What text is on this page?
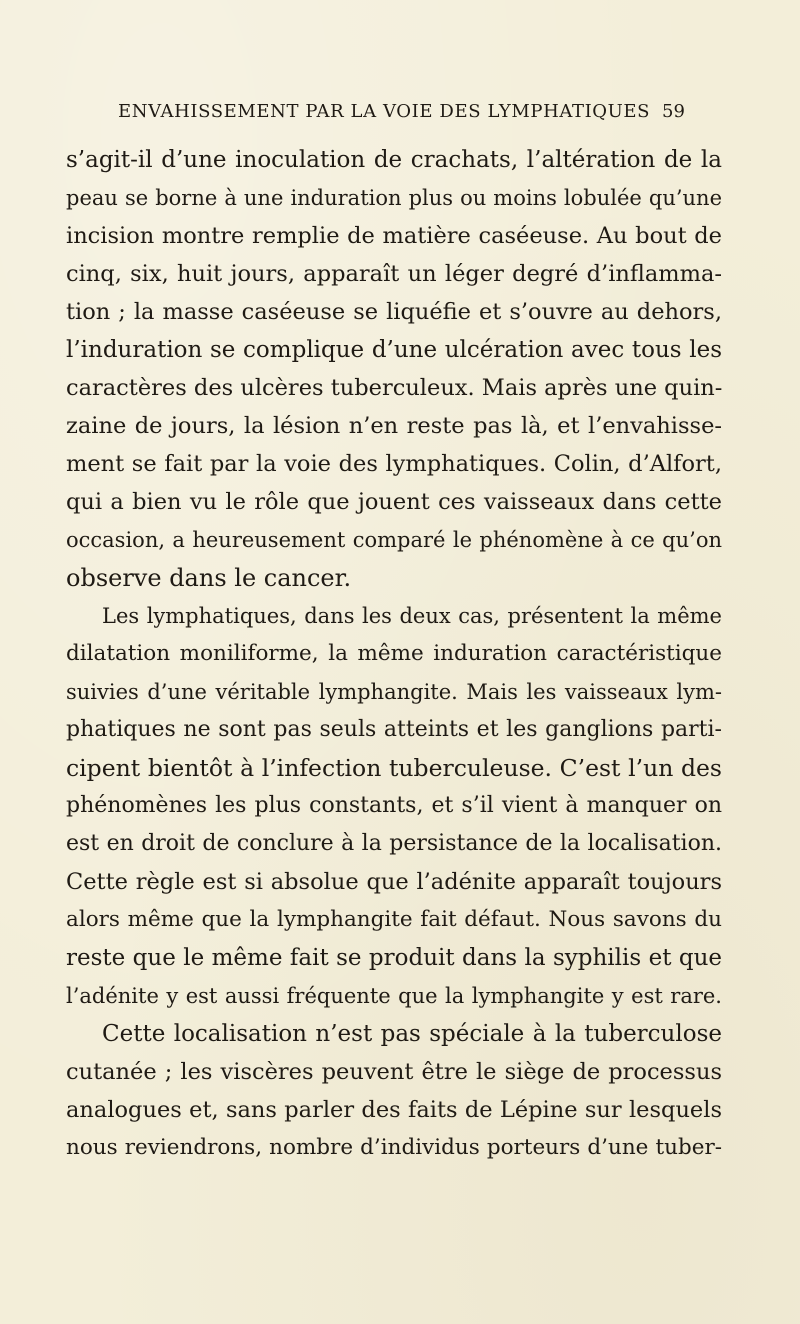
ENVAHISSEMENT PAR LA VOIE DES LYMPHATIQUES 59
s’agit-il d’une inoculation de crachats, l’altération de la
peau se borne à une induration plus ou moins lobulée qu’une
incision montre remplie de matière caséeuse. Au bout de
cinq, six, huit jours, apparaît un léger degré d’inflamma-
tion ; la masse caséeuse se liquéfie et s’ouvre au dehors,
l’induration se complique d’une ulcération avec tous les
caractères des ulcères tuberculeux. Mais après une quin-
zaine de jours, la lésion n’en reste pas là, et l’envahisse-
ment se fait par la voie des lymphatiques. Colin, d’Alfort,
qui a bien vu le rôle que jouent ces vaisseaux dans cette
occasion, a heureusement comparé le phénomène à ce qu’on
observe dans le cancer.
Les lymphatiques, dans les deux cas, présentent la même
dilatation moniliforme, la même induration caractéristique
suivies d’une véritable lymphangite. Mais les vaisseaux lym-
phatiques ne sont pas seuls atteints et les ganglions parti-
cipent bientôt à l’infection tuberculeuse. C’est l’un des
phénomènes les plus constants, et s’il vient à manquer on
est en droit de conclure à la persistance de la localisation.
Cette règle est si absolue que l’adénite apparaît toujours
alors même que la lymphangite fait défaut. Nous savons du
reste que le même fait se produit dans la syphilis et que
l’adénite y est aussi fréquente que la lymphangite y est rare.
Cette localisation n’est pas spéciale à la tuberculose
cutanée ; les viscères peuvent être le siège de processus
analogues et, sans parler des faits de Lépine sur lesquels
nous reviendrons, nombre d’individus porteurs d’une tuber-
